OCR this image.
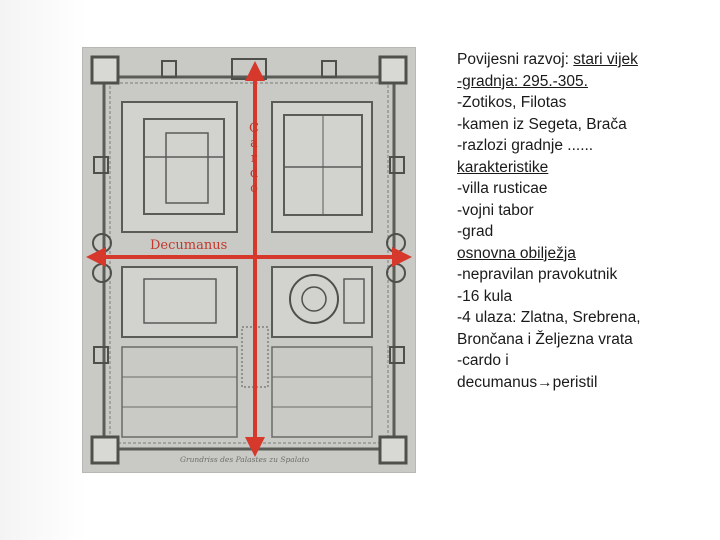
C
a
r
d
o
Decumanus
Grundriss des Palastes zu Spalato

Povijesni razvoj: stari vijek

-gradnja: 295.-305.
-Zotikos, Filotas
-kamen iz Segeta, Brača
-razlozi gradnje ......

karakteristike
-villa rusticae
-vojni tabor
-grad

osnovna obilježja
-nepravilan pravokutnik
-16 kula
-4 ulaza: Zlatna, Srebrena,
Brončana i Željezna vrata
-cardo i
decumanus→peristil
